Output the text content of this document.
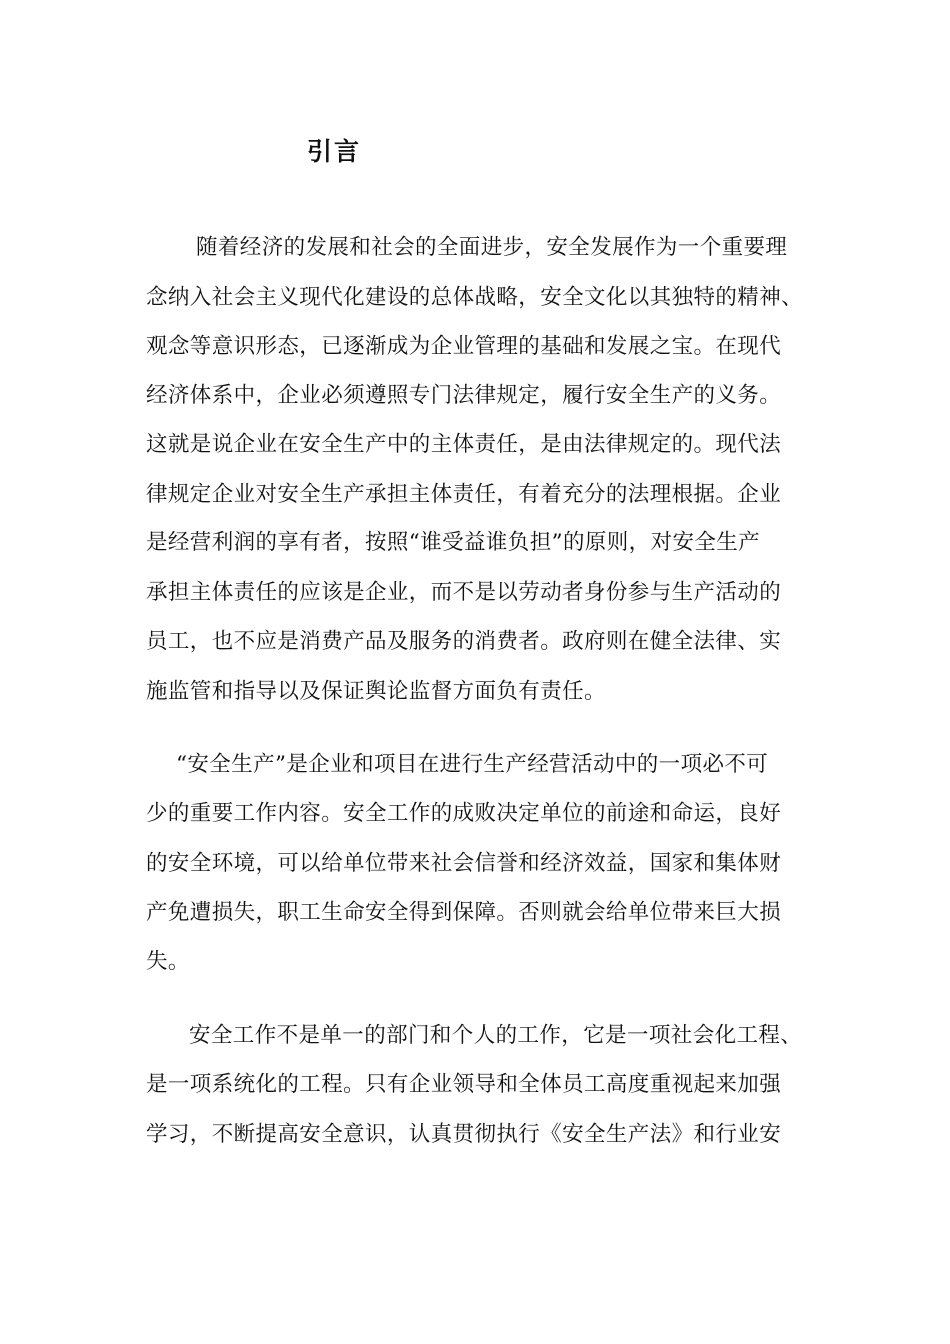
引言
随着经济的发展和社会的全面进步，安全发展作为一个重要理
念纳入社会主义现代化建设的总体战略，安全文化以其独特的精神、
观念等意识形态，已逐渐成为企业管理的基础和发展之宝。在现代
经济体系中，企业必须遵照专门法律规定，履行安全生产的义务。
这就是说企业在安全生产中的主体责任，是由法律规定的。现代法
律规定企业对安全生产承担主体责任，有着充分的法理根据。企业
是经营利润的享有者，按照“谁受益谁负担”的原则，对安全生产
承担主体责任的应该是企业，而不是以劳动者身份参与生产活动的
员工，也不应是消费产品及服务的消费者。政府则在健全法律、实
施监管和指导以及保证舆论监督方面负有责任。
“安全生产”是企业和项目在进行生产经营活动中的一项必不可
少的重要工作内容。安全工作的成败决定单位的前途和命运，良好
的安全环境，可以给单位带来社会信誉和经济效益，国家和集体财
产免遭损失，职工生命安全得到保障。否则就会给单位带来巨大损
失。
安全工作不是单一的部门和个人的工作，它是一项社会化工程、
是一项系统化的工程。只有企业领导和全体员工高度重视起来加强
学习，不断提高安全意识，认真贯彻执行《安全生产法》和行业安
